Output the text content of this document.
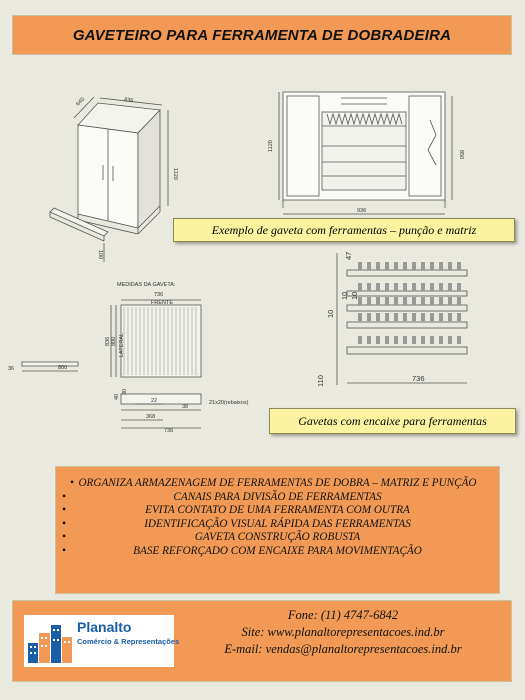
GAVETEIRO PARA FERRAMENTA DE DOBRADEIRA
640	836
1120
100
1120
850
936
MEDIDAS DA GAVETA:
736
FRENTE
836 800 LATERAL
36	800
40
30
22
38
21x20(rebaixos)
368
736
47
10 10
10
110	736
Exemplo de gaveta com ferramentas – punção e matriz
Gavetas com encaixe para ferramentas
• ORGANIZA ARMAZENAGEM DE FERRAMENTAS DE DOBRA – MATRIZ E PUNÇÃO
• CANAIS PARA DIVISÃO DE FERRAMENTAS
• EVITA CONTATO DE UMA FERRAMENTA COM OUTRA
• IDENTIFICAÇÃO VISUAL RÁPIDA DAS FERRAMENTAS
• GAVETA CONSTRUÇÃO ROBUSTA
• BASE REFORÇADO COM ENCAIXE PARA MOVIMENTAÇÃO
Fone: (11) 4747-6842
Site: www.planaltorepresentacoes.ind.br
E-mail: vendas@planaltorepresentacoes.ind.br
Planalto
Comércio & Representações
